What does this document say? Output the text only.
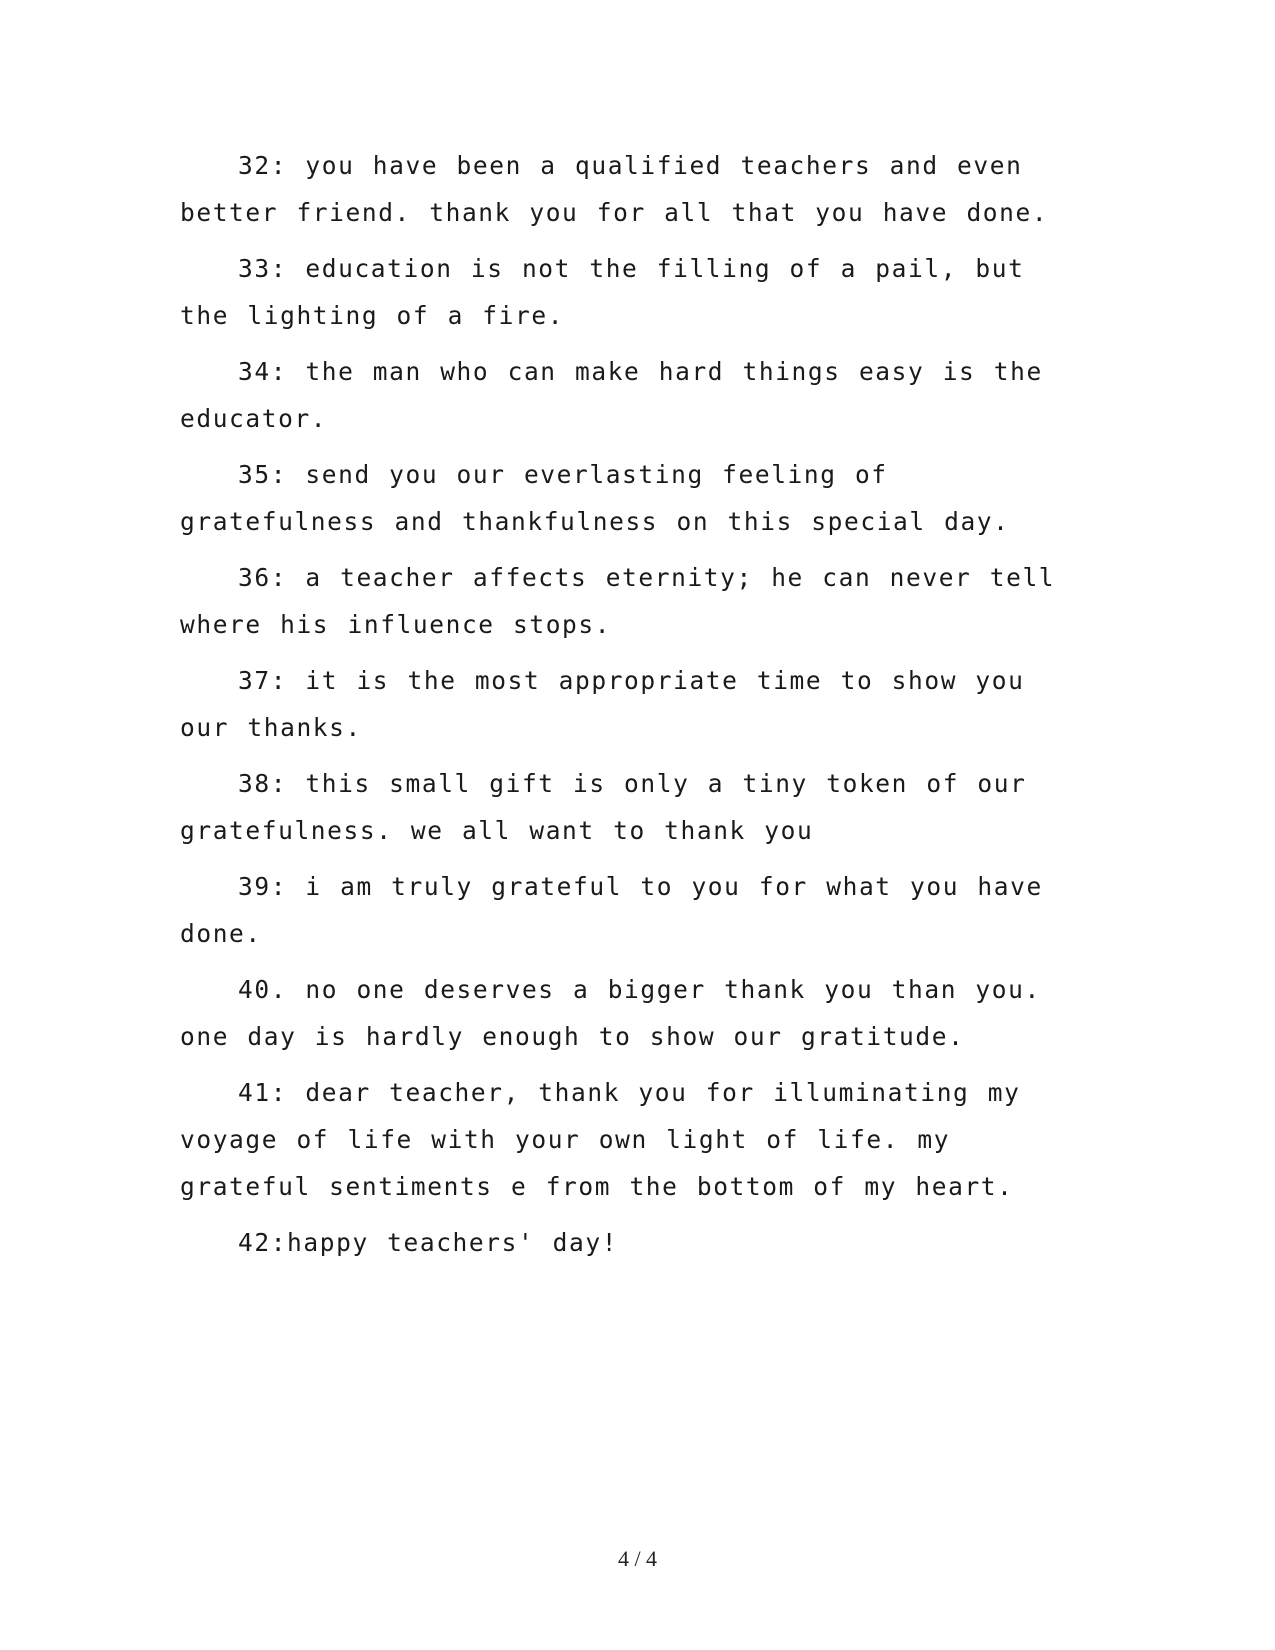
32: you have been a qualified teachers and even better friend. thank you for all that you have done.

33: education is not the filling of a pail, but the lighting of a fire.

34: the man who can make hard things easy is the educator.

35: send you our everlasting feeling of gratefulness and thankfulness on this special day.

36: a teacher affects eternity; he can never tell where his influence stops.

37: it is the most appropriate time to show you our thanks.

38: this small gift is only a tiny token of our gratefulness. we all want to thank you

39: i am truly grateful to you for what you have done.

40. no one deserves a bigger thank you than you. one day is hardly enough to show our gratitude.

41: dear teacher, thank you for illuminating my voyage of life with your own light of life. my grateful sentiments e from the bottom of my heart.

42:happy teachers' day!

4 / 4
